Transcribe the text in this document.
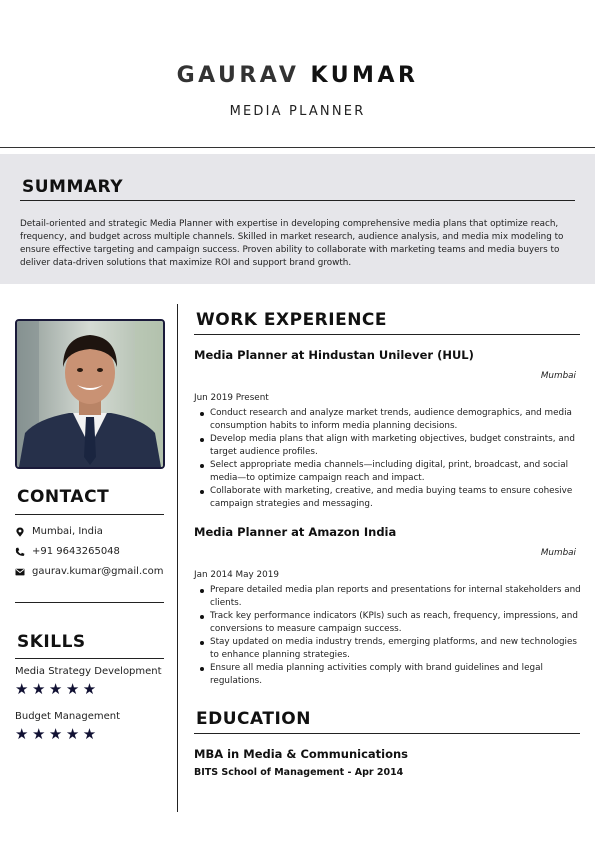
GAURAV KUMAR
MEDIA PLANNER
SUMMARY

Detail-oriented and strategic Media Planner with expertise in developing comprehensive media plans that optimize reach, frequency, and budget across multiple channels. Skilled in market research, audience analysis, and media mix modeling to ensure effective targeting and campaign success. Proven ability to collaborate with marketing teams and media buyers to deliver data-driven solutions that maximize ROI and support brand growth.

CONTACT
Mumbai, India
+91 9643265048
gaurav.kumar@gmail.com
SKILLS
Media Strategy Development
★★★★★
Budget Management
★★★★★
WORK EXPERIENCE
Media Planner at Hindustan Unilever (HUL)
Mumbai
Jun 2019 Present
Conduct research and analyze market trends, audience demographics, and media consumption habits to inform media planning decisions.
Develop media plans that align with marketing objectives, budget constraints, and target audience profiles.
Select appropriate media channels—including digital, print, broadcast, and social media—to optimize campaign reach and impact.
Collaborate with marketing, creative, and media buying teams to ensure cohesive campaign strategies and messaging.
Media Planner at Amazon India
Mumbai
Jan 2014 May 2019
Prepare detailed media plan reports and presentations for internal stakeholders and clients.
Track key performance indicators (KPIs) such as reach, frequency, impressions, and conversions to measure campaign success.
Stay updated on media industry trends, emerging platforms, and new technologies to enhance planning strategies.
Ensure all media planning activities comply with brand guidelines and legal regulations.
EDUCATION
MBA in Media & Communications
BITS School of Management - Apr 2014
